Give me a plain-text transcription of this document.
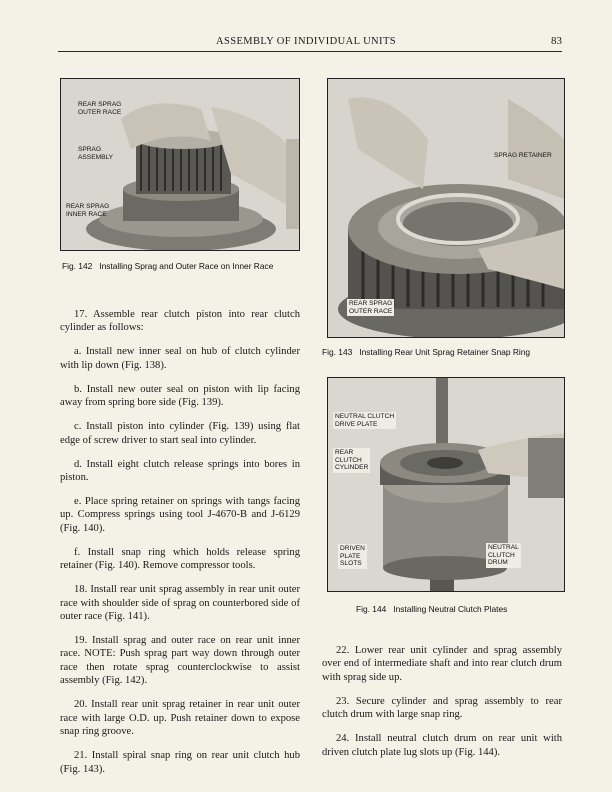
ASSEMBLY OF INDIVIDUAL UNITS	83
REAR SPRAG
OUTER RACE
SPRAG
ASSEMBLY
REAR SPRAG
INNER RACE
Fig. 142   Installing Sprag and Outer Race on Inner Race
SPRAG RETAINER
REAR SPRAG
OUTER RACE
Fig. 143   Installing Rear Unit Sprag Retainer Snap Ring
NEUTRAL CLUTCH
DRIVE PLATE
REAR
CLUTCH
CYLINDER
DRIVEN
PLATE
SLOTS
NEUTRAL
CLUTCH
DRUM
Fig. 144   Installing Neutral Clutch Plates

17. Assemble rear clutch piston into rear clutch cylinder as follows:

a. Install new inner seal on hub of clutch cylinder with lip down (Fig. 138).

b. Install new outer seal on piston with lip facing away from spring bore side (Fig. 139).

c. Install piston into cylinder (Fig. 139) using flat edge of screw driver to start seal into cylinder.

d. Install eight clutch release springs into bores in piston.

e. Place spring retainer on springs with tangs facing up. Compress springs using tool J-4670-B and J-6129 (Fig. 140).

f. Install snap ring which holds release spring retainer (Fig. 140). Remove compressor tools.

18. Install rear unit sprag assembly in rear unit outer race with shoulder side of sprag on counterbored side of outer race (Fig. 141).

19. Install sprag and outer race on rear unit inner race. NOTE: Push sprag part way down through outer race then rotate sprag counterclockwise to assist assembly (Fig. 142).

20. Install rear unit sprag retainer in rear unit outer race with large O.D. up. Push retainer down to expose snap ring groove.

21. Install spiral snap ring on rear unit clutch hub (Fig. 143).

22. Lower rear unit cylinder and sprag assembly over end of intermediate shaft and into rear clutch drum with sprag side up.

23. Secure cylinder and sprag assembly to rear clutch drum with large snap ring.

24. Install neutral clutch drum on rear unit with driven clutch plate lug slots up (Fig. 144).
